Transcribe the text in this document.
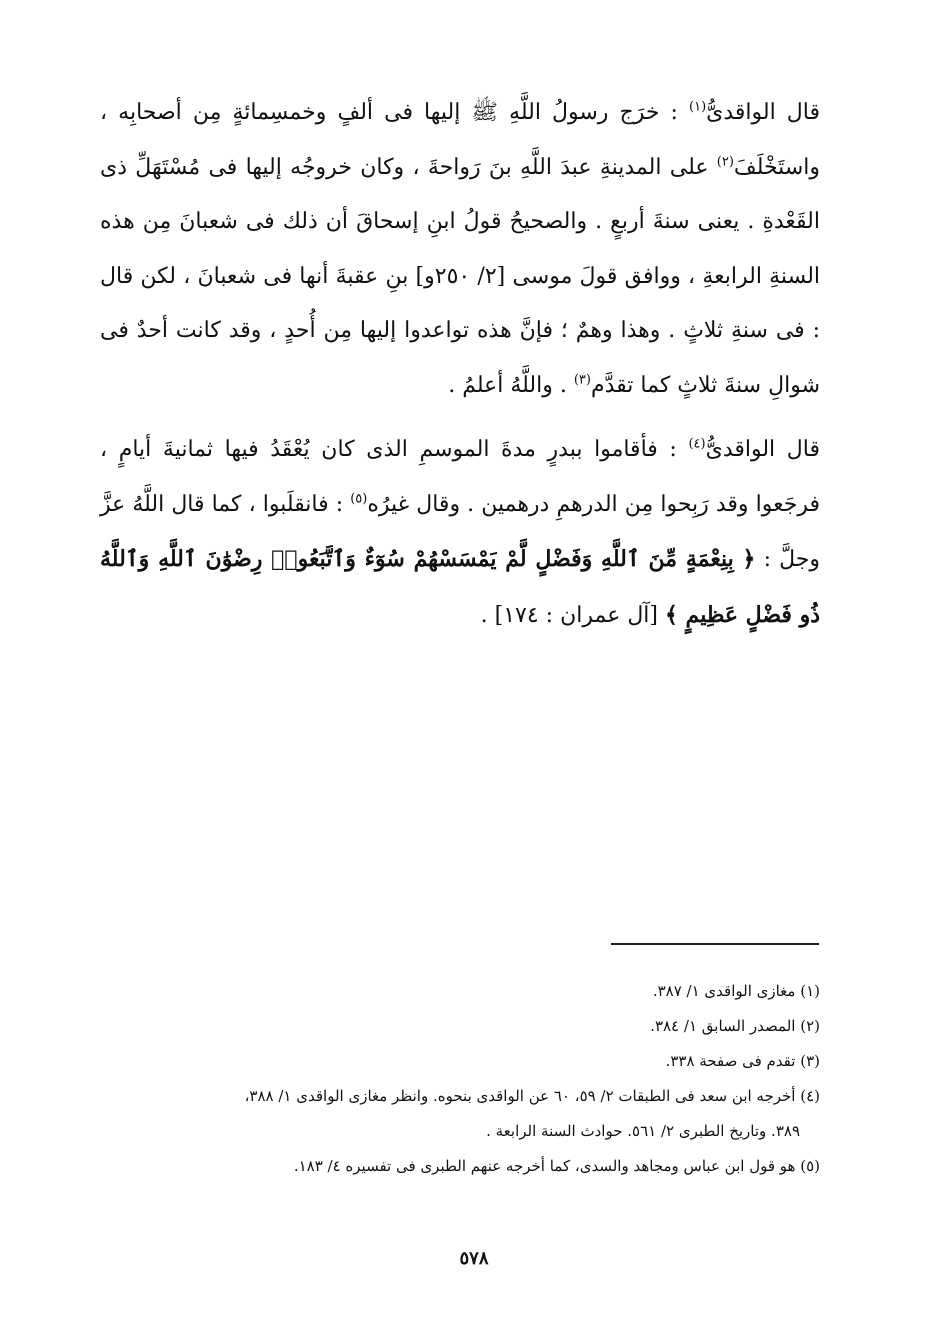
قال الواقدىُّ$^{(١)}$ : خرَج رسولُ اللَّهِ ﷺ إليها فى ألفٍ وخمسِمائةٍ مِن أصحابِه ، واستَخْلَفَ$^{(٢)}$ على المدينةِ عبدَ اللَّهِ بنَ رَواحةَ ، وكان خروجُه إليها فى مُسْتَهَلِّ ذى القَعْدةِ . يعنى سنةَ أربعٍ . والصحيحُ قولُ ابنِ إسحاقَ أن ذلك فى شعبانَ مِن هذه السنةِ الرابعةِ ، ووافق قولَ موسى [٢/ ٢٥٠و] بنِ عقبةَ أنها فى شعبانَ ، لكن قال : فى سنةِ ثلاثٍ . وهذا وهمٌ ؛ فإنَّ هذه تواعدوا إليها مِن أُحدٍ ، وقد كانت أحدٌ فى شوالِ سنةَ ثلاثٍ كما تقدَّم$^{(٣)}$ . واللَّهُ أعلمُ .

قال الواقدىُّ$^{(٤)}$ : فأقاموا ببدرٍ مدةَ الموسمِ الذى كان يُعْقَدُ فيها ثمانيةَ أيامٍ ، فرجَعوا وقد رَبِحوا مِن الدرهمِ درهمين . وقال غيرُه$^{(٥)}$ : فانقلَبوا ، كما قال اللَّهُ عزَّ وجلَّ : ﴿ بِنِعْمَةٍ مِّنَ ٱللَّهِ وَفَضْلٍ لَّمْ يَمْسَسْهُمْ سُوٓءٌ وَٱتَّبَعُوا۟ رِضْوَٰنَ ٱللَّهِ وَٱللَّهُ ذُو فَضْلٍ عَظِيمٍ ﴾ [آل عمران : ١٧٤] .

(١) مغازى الواقدى ١/ ٣٨٧.

(٢) المصدر السابق ١/ ٣٨٤.

(٣) تقدم فى صفحة ٣٣٨.

(٤) أخرجه ابن سعد فى الطبقات ٢/ ٥٩، ٦٠ عن الواقدى بنحوه. وانظر مغازى الواقدى ١/ ٣٨٨،

٣٨٩. وتاريخ الطبرى ٢/ ٥٦١. حوادث السنة الرابعة .

(٥) هو قول ابن عباس ومجاهد والسدى، كما أخرجه عنهم الطبرى فى تفسيره ٤/ ١٨٣.

٥٧٨
